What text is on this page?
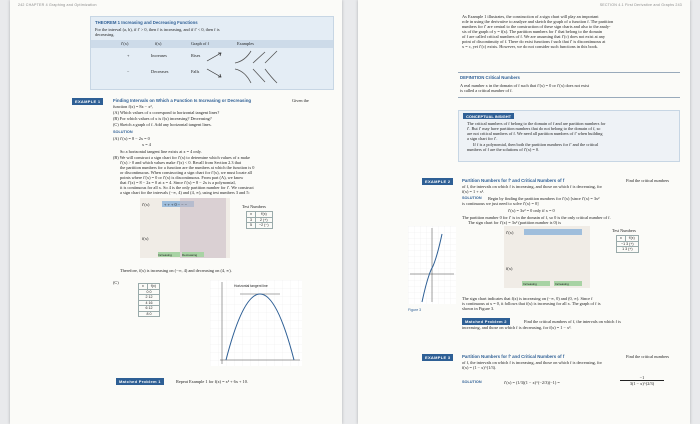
242 CHAPTER 4 Graphing and Optimization
THEOREM 1 Increasing and Decreasing Functions
For the interval (a, b), if f′ > 0, then f is increasing, and if f′ < 0, then f is
decreasing.
f′(x)	f(x)	Graph of f	Examples
+	Increases	Rises
−	Decreases	Falls
EXAMPLE 1	Finding Intervals on Which a Function Is Increasing or Decreasing	Given the
function f(x) = 8x − x²,
(A) Which values of x correspond to horizontal tangent lines?
(B) For which values of x is f(x) increasing? Decreasing?
(C) Sketch a graph of f. Add any horizontal tangent lines.
SOLUTION
(A) f′(x) = 8 − 2x = 0
x = 4
So a horizontal tangent line exists at x = 4 only.
(B) We will construct a sign chart for f′(x) to determine which values of x make
f′(x) > 0 and which values make f′(x) < 0. Recall from Section 2.3 that
the partition numbers for a function are the numbers at which the function is 0
or discontinuous. When constructing a sign chart for f′(x), we must locate all
points where f′(x) = 0 or f′(x) is discontinuous. From part (A), we know
that f′(x) = 8 − 2x = 0 at x = 4. Since f′(x) = 8 − 2x is a polynomial,
it is continuous for all x. So 4 is the only partition number for f′. We construct
a sign chart for the intervals (−∞, 4) and (4, ∞), using test numbers 3 and 5:
f′(x)	+ + + 0 − − −
f(x)
Increasing	Decreasing
Test Numbers
x	f′(x)
3	2 (+)
5	−2 (−)
Therefore, f(x) is increasing on (−∞, 4) and decreasing on (4, ∞).
(C)
x	f(x)
0 0
2 12
4 16
6 12
8 0
Horizontal tangent line
Matched Problem 1	Repeat Example 1 for f(x) = x² + 6x + 10.
SECTION 4.1 First Derivative and Graphs 243
As Example 1 illustrates, the construction of a sign chart will play an important
role in using the derivative to analyze and sketch the graph of a function f. The partition
numbers for f′ are central to the construction of these sign charts and also to the analy-
sis of the graph of y = f(x). The partition numbers for f′ that belong to the domain
of f are called critical numbers of f. We are assuming that f′(c) does not exist at any
point of discontinuity of f. There do exist functions f such that f′ is discontinuous at
x = c, yet f′(c) exists. However, we do not consider such functions in this book.
DEFINITION Critical Numbers
A real number x in the domain of f such that f′(x) = 0 or f′(x) does not exist
is called a critical number of f.
CONCEPTUAL INSIGHT
The critical numbers of f belong to the domain of f and are partition numbers for
f′. But f′ may have partition numbers that do not belong to the domain of f, so
are not critical numbers of f. We need all partition numbers of f′ when building
a sign chart for f′.
If f is a polynomial, then both the partition numbers for f′ and the critical
numbers of f are the solutions of f′(x) = 0.
EXAMPLE 2	Partition Numbers for f′ and Critical Numbers of f	Find the critical numbers
of f, the intervals on which f is increasing, and those on which f is decreasing, for
f(x) = 1 + x³.
SOLUTION Begin by finding the partition numbers for f′(x) [since f′(x) = 3x²
is continuous we just need to solve f′(x) = 0]
f′(x) = 3x² = 0 only if x = 0
The partition number 0 for f′ is in the domain of f, so 0 is the only critical number of f.
The sign chart for f′(x) = 3x² (partition number is 0) is
Figure 3
f′(x)
f(x)
Increasing	Increasing
Test Numbers
x	f′(x)
−1 3 (+)
1 3 (+)
The sign chart indicates that f(x) is increasing on (−∞, 0) and (0, ∞). Since f
is continuous at x = 0, it follows that f(x) is increasing for all x. The graph of f is
shown in Figure 3.
Matched Problem 2	Find the critical numbers of f, the intervals on which f is
increasing, and those on which f is decreasing, for f(x) = 1 − x³.
EXAMPLE 3	Partition Numbers for f′ and Critical Numbers of f	Find the critical numbers
of f, the intervals on which f is increasing, and those on which f is decreasing, for
f(x) = (1 − x)^(1/3).
SOLUTION	f′(x) = (1/3)(1 − x)^(−2/3)(−1) =	$\frac{-1}{3(1 - x)\^{}(2/3)}$
